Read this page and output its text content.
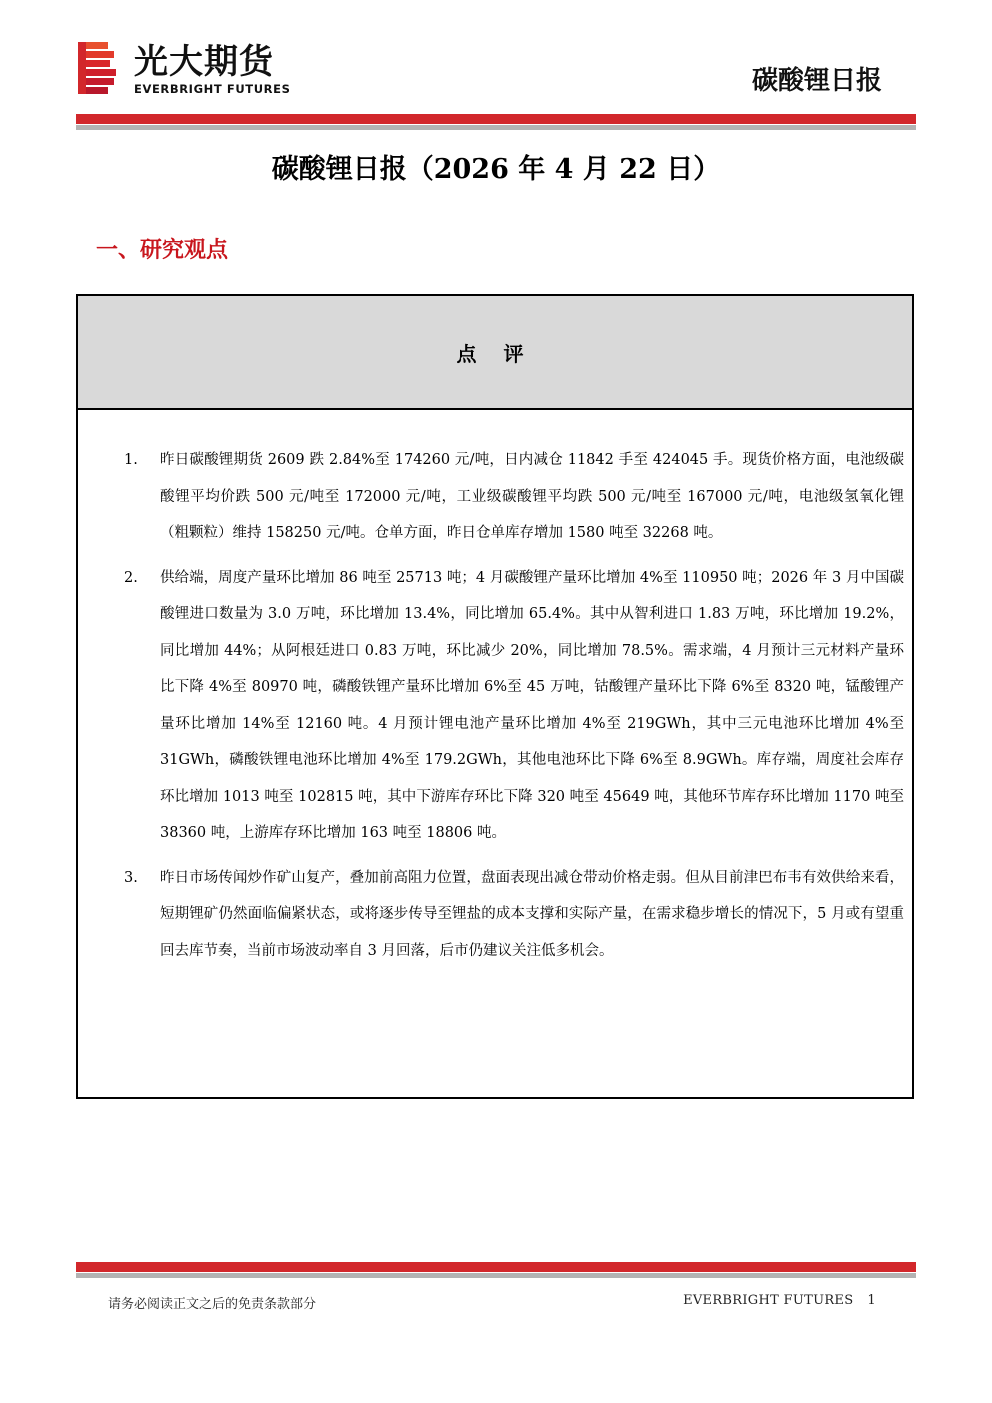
光大期货
EVERBRIGHT FUTURES	碳酸锂日报
碳酸锂日报（2026 年 4 月 22 日）
一、研究观点
点 评
1. 昨日碳酸锂期货 2609 跌 2.84%至 174260 元/吨，日内减仓 11842 手至 424045 手。现货价格方面，电池级碳酸锂平均价跌 500 元/吨至 172000 元/吨，工业级碳酸锂平均跌 500 元/吨至 167000 元/吨，电池级氢氧化锂（粗颗粒）维持 158250 元/吨。仓单方面，昨日仓单库存增加 1580 吨至 32268 吨。
2. 供给端，周度产量环比增加 86 吨至 25713 吨；4 月碳酸锂产量环比增加 4%至 110950 吨；2026 年 3 月中国碳酸锂进口数量为 3.0 万吨，环比增加 13.4%，同比增加 65.4%。其中从智利进口 1.83 万吨，环比增加 19.2%，同比增加 44%；从阿根廷进口 0.83 万吨，环比减少 20%，同比增加 78.5%。需求端，4 月预计三元材料产量环比下降 4%至 80970 吨，磷酸铁锂产量环比增加 6%至 45 万吨，钴酸锂产量环比下降 6%至 8320 吨，锰酸锂产量环比增加 14%至 12160 吨。4 月预计锂电池产量环比增加 4%至 219GWh，其中三元电池环比增加 4%至 31GWh，磷酸铁锂电池环比增加 4%至 179.2GWh，其他电池环比下降 6%至 8.9GWh。库存端，周度社会库存环比增加 1013 吨至 102815 吨，其中下游库存环比下降 320 吨至 45649 吨，其他环节库存环比增加 1170 吨至 38360 吨，上游库存环比增加 163 吨至 18806 吨。
3. 昨日市场传闻炒作矿山复产，叠加前高阻力位置，盘面表现出减仓带动价格走弱。但从目前津巴布韦有效供给来看，短期锂矿仍然面临偏紧状态，或将逐步传导至锂盐的成本支撑和实际产量，在需求稳步增长的情况下，5 月或有望重回去库节奏，当前市场波动率自 3 月回落，后市仍建议关注低多机会。
请务必阅读正文之后的免责条款部分	EVERBRIGHT FUTURES 1
